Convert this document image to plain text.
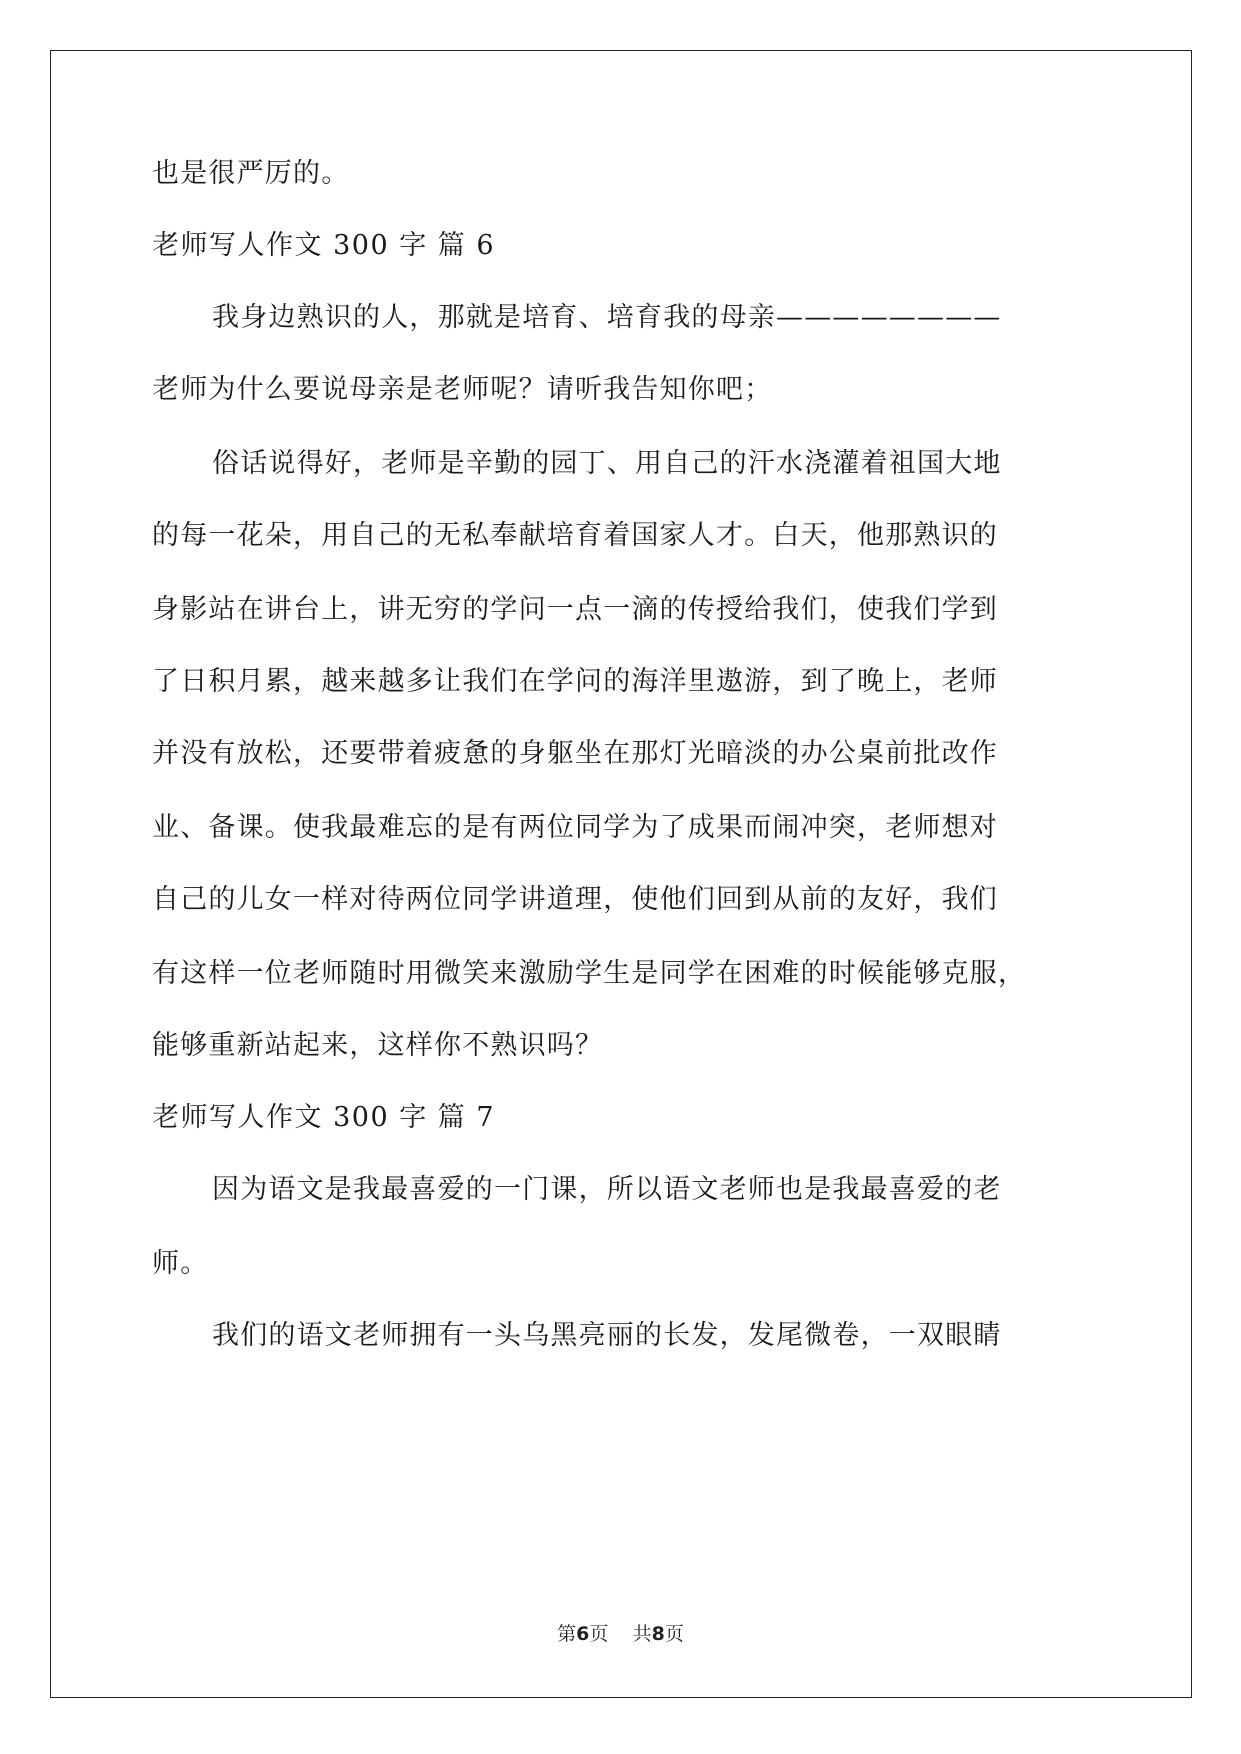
也是很严厉的。
老师写人作文 300 字 篇 6
我身边熟识的人，那就是培育、培育我的母亲————————
老师为什么要说母亲是老师呢？请听我告知你吧；
俗话说得好，老师是辛勤的园丁、用自己的汗水浇灌着祖国大地
的每一花朵，用自己的无私奉献培育着国家人才。白天，他那熟识的
身影站在讲台上，讲无穷的学问一点一滴的传授给我们，使我们学到
了日积月累，越来越多让我们在学问的海洋里遨游，到了晚上，老师
并没有放松，还要带着疲惫的身躯坐在那灯光暗淡的办公桌前批改作
业、备课。使我最难忘的是有两位同学为了成果而闹冲突，老师想对
自己的儿女一样对待两位同学讲道理，使他们回到从前的友好，我们
有这样一位老师随时用微笑来激励学生是同学在困难的时候能够克服，
能够重新站起来，这样你不熟识吗？
老师写人作文 300 字 篇 7
因为语文是我最喜爱的一门课，所以语文老师也是我最喜爱的老
师。
我们的语文老师拥有一头乌黑亮丽的长发，发尾微卷，一双眼睛
第6页    共8页
